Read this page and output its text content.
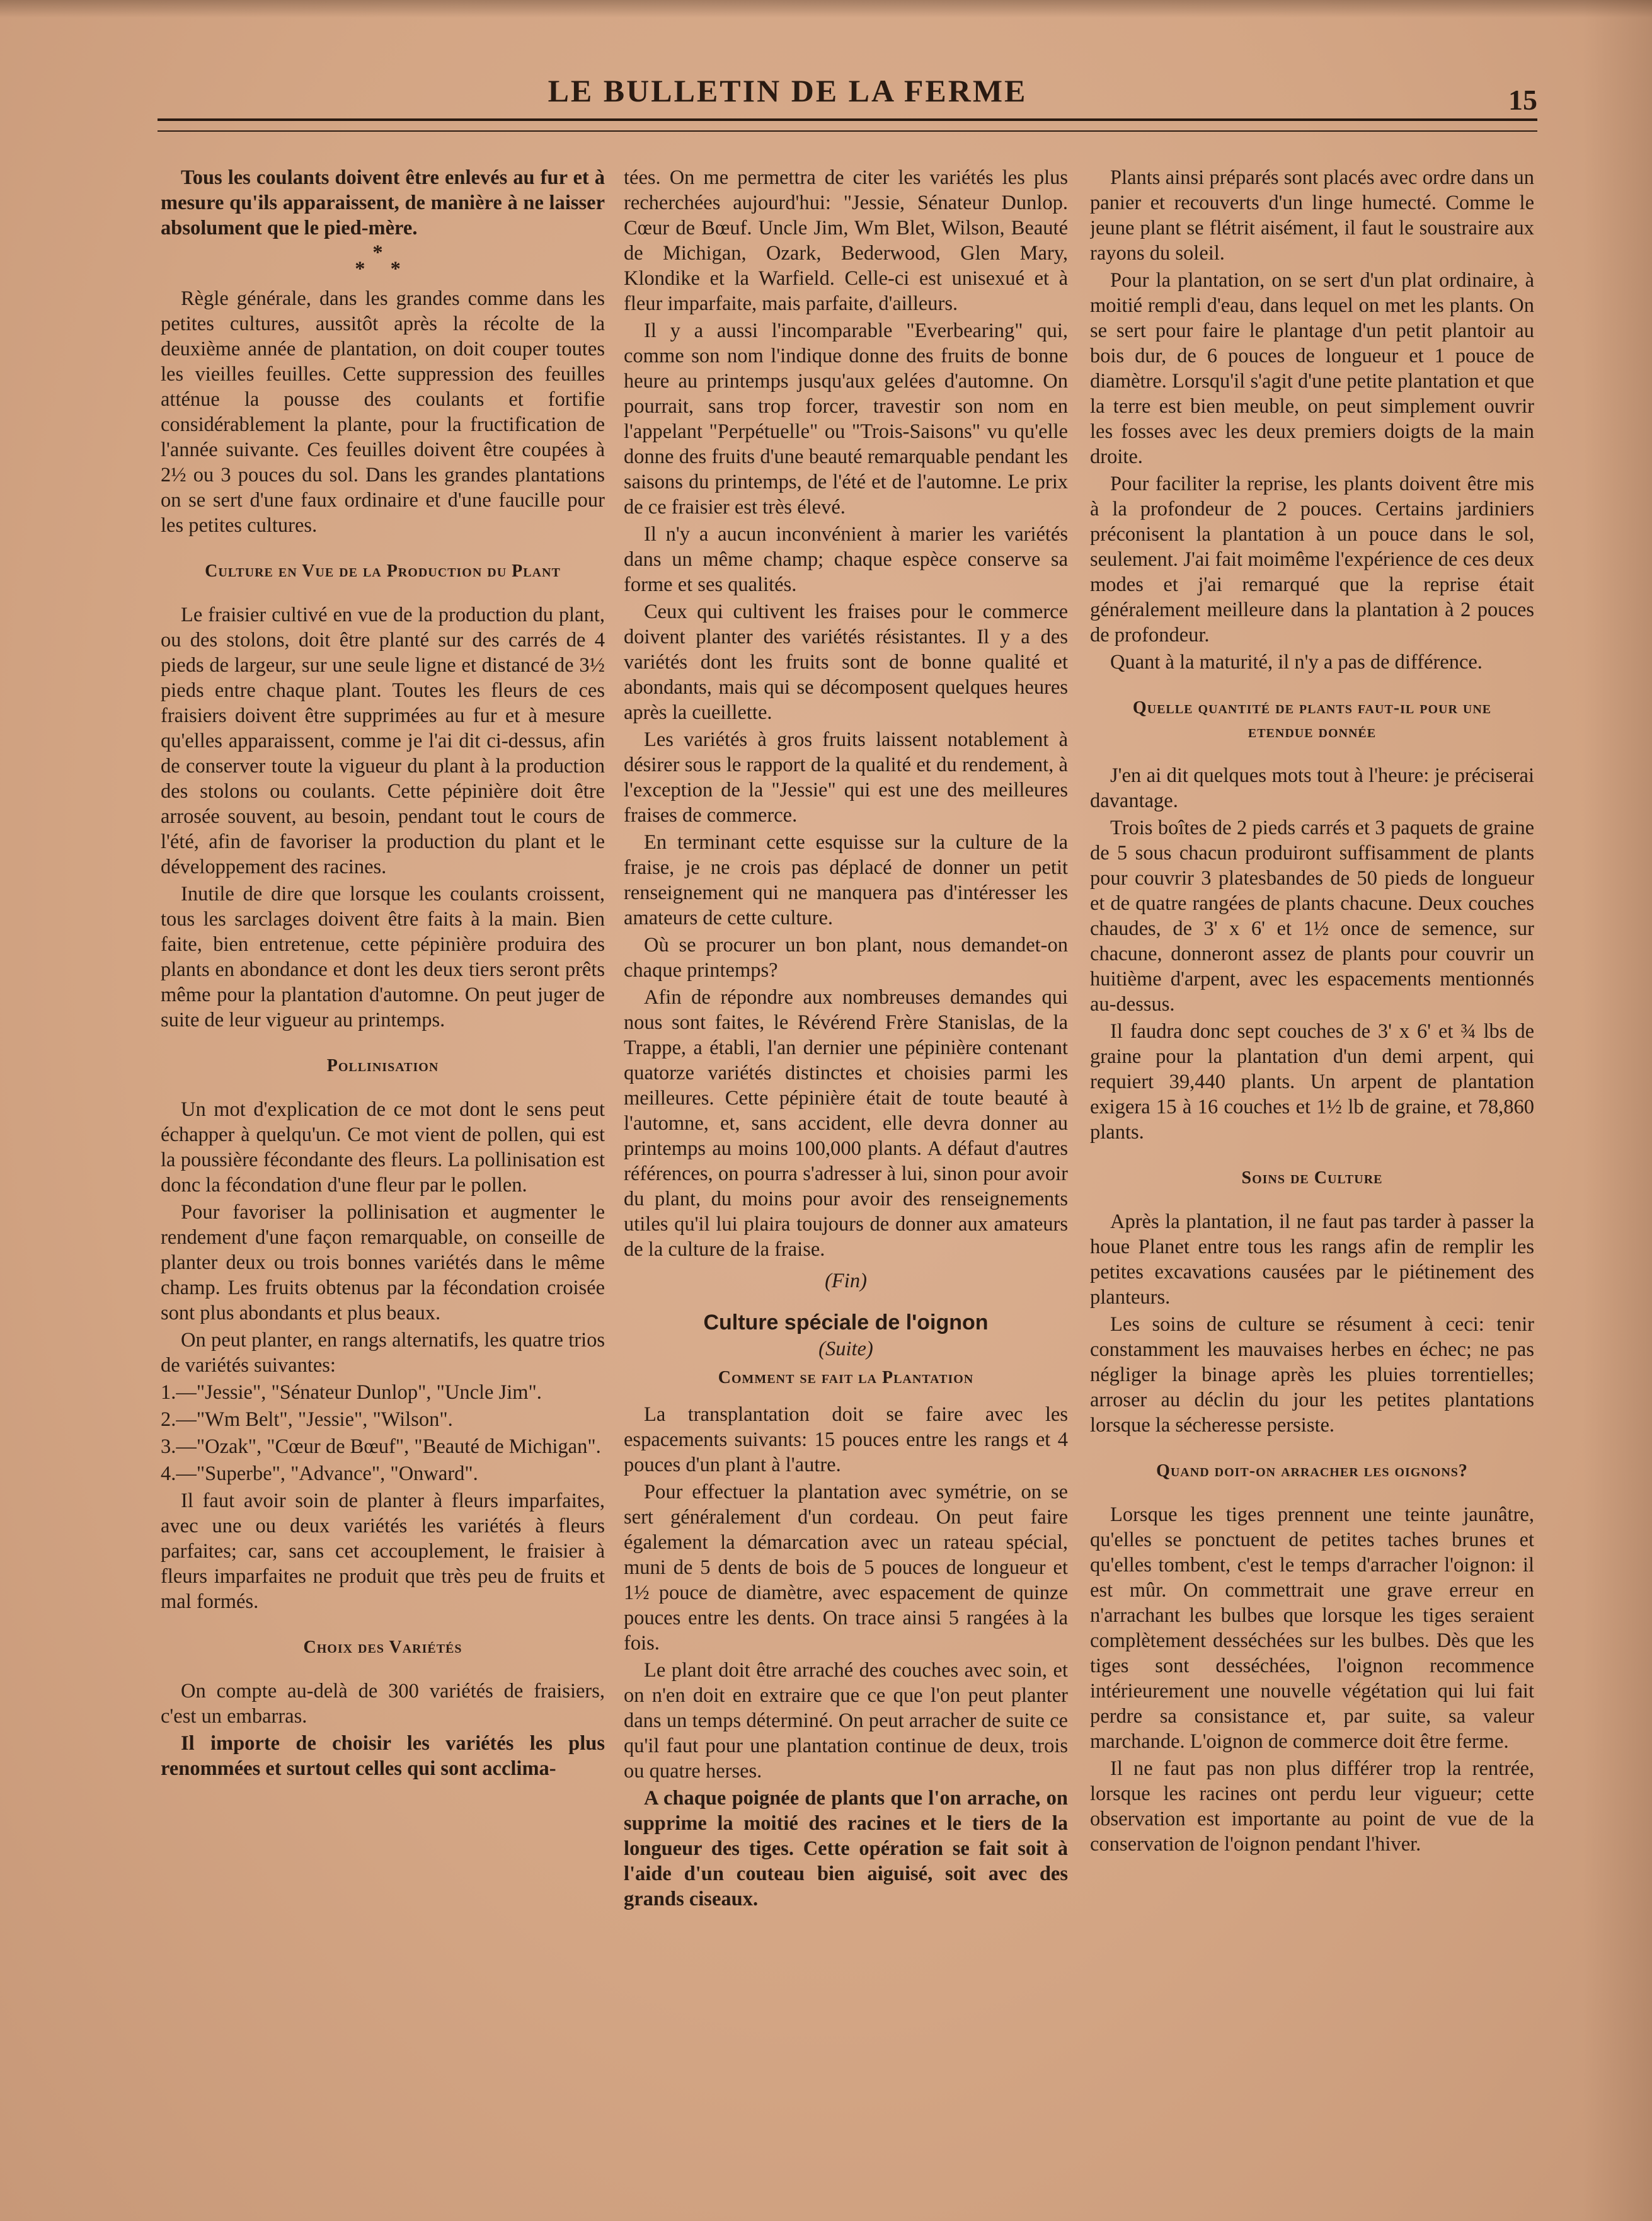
LE BULLETIN DE LA FERME	15

Tous les coulants doivent être enlevés au fur et à mesure qu'ils apparaissent, de manière à ne laisser absolument que le pied-mère.

*
* *

Règle générale, dans les grandes comme dans les petites cultures, aussitôt après la récolte de la deuxième année de plantation, on doit couper toutes les vieilles feuilles. Cette suppression des feuilles atténue la pousse des coulants et fortifie considérablement la plante, pour la fructification de l'année suivante. Ces feuilles doivent être coupées à 2½ ou 3 pouces du sol. Dans les grandes plantations on se sert d'une faux ordinaire et d'une faucille pour les petites cultures.

Culture en Vue de la Production du Plant

Le fraisier cultivé en vue de la production du plant, ou des stolons, doit être planté sur des carrés de 4 pieds de largeur, sur une seule ligne et distancé de 3½ pieds entre chaque plant. Toutes les fleurs de ces fraisiers doivent être supprimées au fur et à mesure qu'elles apparaissent, comme je l'ai dit ci-dessus, afin de conserver toute la vigueur du plant à la production des stolons ou coulants. Cette pépinière doit être arrosée souvent, au besoin, pendant tout le cours de l'été, afin de favoriser la production du plant et le développement des racines.

Inutile de dire que lorsque les coulants croissent, tous les sarclages doivent être faits à la main. Bien faite, bien entretenue, cette pépinière produira des plants en abondance et dont les deux tiers seront prêts même pour la plantation d'automne. On peut juger de suite de leur vigueur au printemps.

Pollinisation

Un mot d'explication de ce mot dont le sens peut échapper à quelqu'un. Ce mot vient de pollen, qui est la poussière fécondante des fleurs. La pollinisation est donc la fécondation d'une fleur par le pollen.

Pour favoriser la pollinisation et augmenter le rendement d'une façon remarquable, on conseille de planter deux ou trois bonnes variétés dans le même champ. Les fruits obtenus par la fécondation croisée sont plus abondants et plus beaux.

On peut planter, en rangs alternatifs, les quatre trios de variétés suivantes:

1.—"Jessie", "Sénateur Dunlop", "Uncle Jim".

2.—"Wm Belt", "Jessie", "Wilson".

3.—"Ozak", "Cœur de Bœuf", "Beauté de Michigan".

4.—"Superbe", "Advance", "Onward".

Il faut avoir soin de planter à fleurs imparfaites, avec une ou deux variétés les variétés à fleurs parfaites; car, sans cet accouplement, le fraisier à fleurs imparfaites ne produit que très peu de fruits et mal formés.

Choix des Variétés

On compte au-delà de 300 variétés de fraisiers, c'est un embarras.

Il importe de choisir les variétés les plus renommées et surtout celles qui sont acclima-

tées. On me permettra de citer les variétés les plus recherchées aujourd'hui: "Jessie, Sénateur Dunlop. Cœur de Bœuf. Uncle Jim, Wm Blet, Wilson, Beauté de Michigan, Ozark, Bederwood, Glen Mary, Klondike et la Warfield. Celle-ci est unisexué et à fleur imparfaite, mais parfaite, d'ailleurs.

Il y a aussi l'incomparable "Everbearing" qui, comme son nom l'indique donne des fruits de bonne heure au printemps jusqu'aux gelées d'automne. On pourrait, sans trop forcer, travestir son nom en l'appelant "Perpétuelle" ou "Trois-Saisons" vu qu'elle donne des fruits d'une beauté remarquable pendant les saisons du printemps, de l'été et de l'automne. Le prix de ce fraisier est très élevé.

Il n'y a aucun inconvénient à marier les variétés dans un même champ; chaque espèce conserve sa forme et ses qualités.

Ceux qui cultivent les fraises pour le commerce doivent planter des variétés résistantes. Il y a des variétés dont les fruits sont de bonne qualité et abondants, mais qui se décomposent quelques heures après la cueillette.

Les variétés à gros fruits laissent notablement à désirer sous le rapport de la qualité et du rendement, à l'exception de la "Jessie" qui est une des meilleures fraises de commerce.

En terminant cette esquisse sur la culture de la fraise, je ne crois pas déplacé de donner un petit renseignement qui ne manquera pas d'intéresser les amateurs de cette culture.

Où se procurer un bon plant, nous demandet-on chaque printemps?

Afin de répondre aux nombreuses demandes qui nous sont faites, le Révérend Frère Stanislas, de la Trappe, a établi, l'an dernier une pépinière contenant quatorze variétés distinctes et choisies parmi les meilleures. Cette pépinière était de toute beauté à l'automne, et, sans accident, elle devra donner au printemps au moins 100,000 plants. A défaut d'autres références, on pourra s'adresser à lui, sinon pour avoir du plant, du moins pour avoir des renseignements utiles qu'il lui plaira toujours de donner aux amateurs de la culture de la fraise.

(Fin)
Culture spéciale de l'oignon
(Suite)
Comment se fait la Plantation

La transplantation doit se faire avec les espacements suivants: 15 pouces entre les rangs et 4 pouces d'un plant à l'autre.

Pour effectuer la plantation avec symétrie, on se sert généralement d'un cordeau. On peut faire également la démarcation avec un rateau spécial, muni de 5 dents de bois de 5 pouces de longueur et 1½ pouce de diamètre, avec espacement de quinze pouces entre les dents. On trace ainsi 5 rangées à la fois.

Le plant doit être arraché des couches avec soin, et on n'en doit en extraire que ce que l'on peut planter dans un temps déterminé. On peut arracher de suite ce qu'il faut pour une plantation continue de deux, trois ou quatre herses.

A chaque poignée de plants que l'on arrache, on supprime la moitié des racines et le tiers de la longueur des tiges. Cette opération se fait soit à l'aide d'un couteau bien aiguisé, soit avec des grands ciseaux.

Plants ainsi préparés sont placés avec ordre dans un panier et recouverts d'un linge humecté. Comme le jeune plant se flétrit aisément, il faut le soustraire aux rayons du soleil.

Pour la plantation, on se sert d'un plat ordinaire, à moitié rempli d'eau, dans lequel on met les plants. On se sert pour faire le plantage d'un petit plantoir au bois dur, de 6 pouces de longueur et 1 pouce de diamètre. Lorsqu'il s'agit d'une petite plantation et que la terre est bien meuble, on peut simplement ouvrir les fosses avec les deux premiers doigts de la main droite.

Pour faciliter la reprise, les plants doivent être mis à la profondeur de 2 pouces. Certains jardiniers préconisent la plantation à un pouce dans le sol, seulement. J'ai fait moimême l'expérience de ces deux modes et j'ai remarqué que la reprise était généralement meilleure dans la plantation à 2 pouces de profondeur.

Quant à la maturité, il n'y a pas de différence.

Quelle quantité de plants faut-il pour une etendue donnée

J'en ai dit quelques mots tout à l'heure: je préciserai davantage.

Trois boîtes de 2 pieds carrés et 3 paquets de graine de 5 sous chacun produiront suffisamment de plants pour couvrir 3 platesbandes de 50 pieds de longueur et de quatre rangées de plants chacune. Deux couches chaudes, de 3' x 6' et 1½ once de semence, sur chacune, donneront assez de plants pour couvrir un huitième d'arpent, avec les espacements mentionnés au-dessus.

Il faudra donc sept couches de 3' x 6' et ¾ lbs de graine pour la plantation d'un demi arpent, qui requiert 39,440 plants. Un arpent de plantation exigera 15 à 16 couches et 1½ lb de graine, et 78,860 plants.

Soins de Culture

Après la plantation, il ne faut pas tarder à passer la houe Planet entre tous les rangs afin de remplir les petites excavations causées par le piétinement des planteurs.

Les soins de culture se résument à ceci: tenir constamment les mauvaises herbes en échec; ne pas négliger la binage après les pluies torrentielles; arroser au déclin du jour les petites plantations lorsque la sécheresse persiste.

Quand doit-on arracher les oignons?

Lorsque les tiges prennent une teinte jaunâtre, qu'elles se ponctuent de petites taches brunes et qu'elles tombent, c'est le temps d'arracher l'oignon: il est mûr. On commettrait une grave erreur en n'arrachant les bulbes que lorsque les tiges seraient complètement desséchées sur les bulbes. Dès que les tiges sont desséchées, l'oignon recommence intérieurement une nouvelle végétation qui lui fait perdre sa consistance et, par suite, sa valeur marchande. L'oignon de commerce doit être ferme.

Il ne faut pas non plus différer trop la rentrée, lorsque les racines ont perdu leur vigueur; cette observation est importante au point de vue de la conservation de l'oignon pendant l'hiver.
